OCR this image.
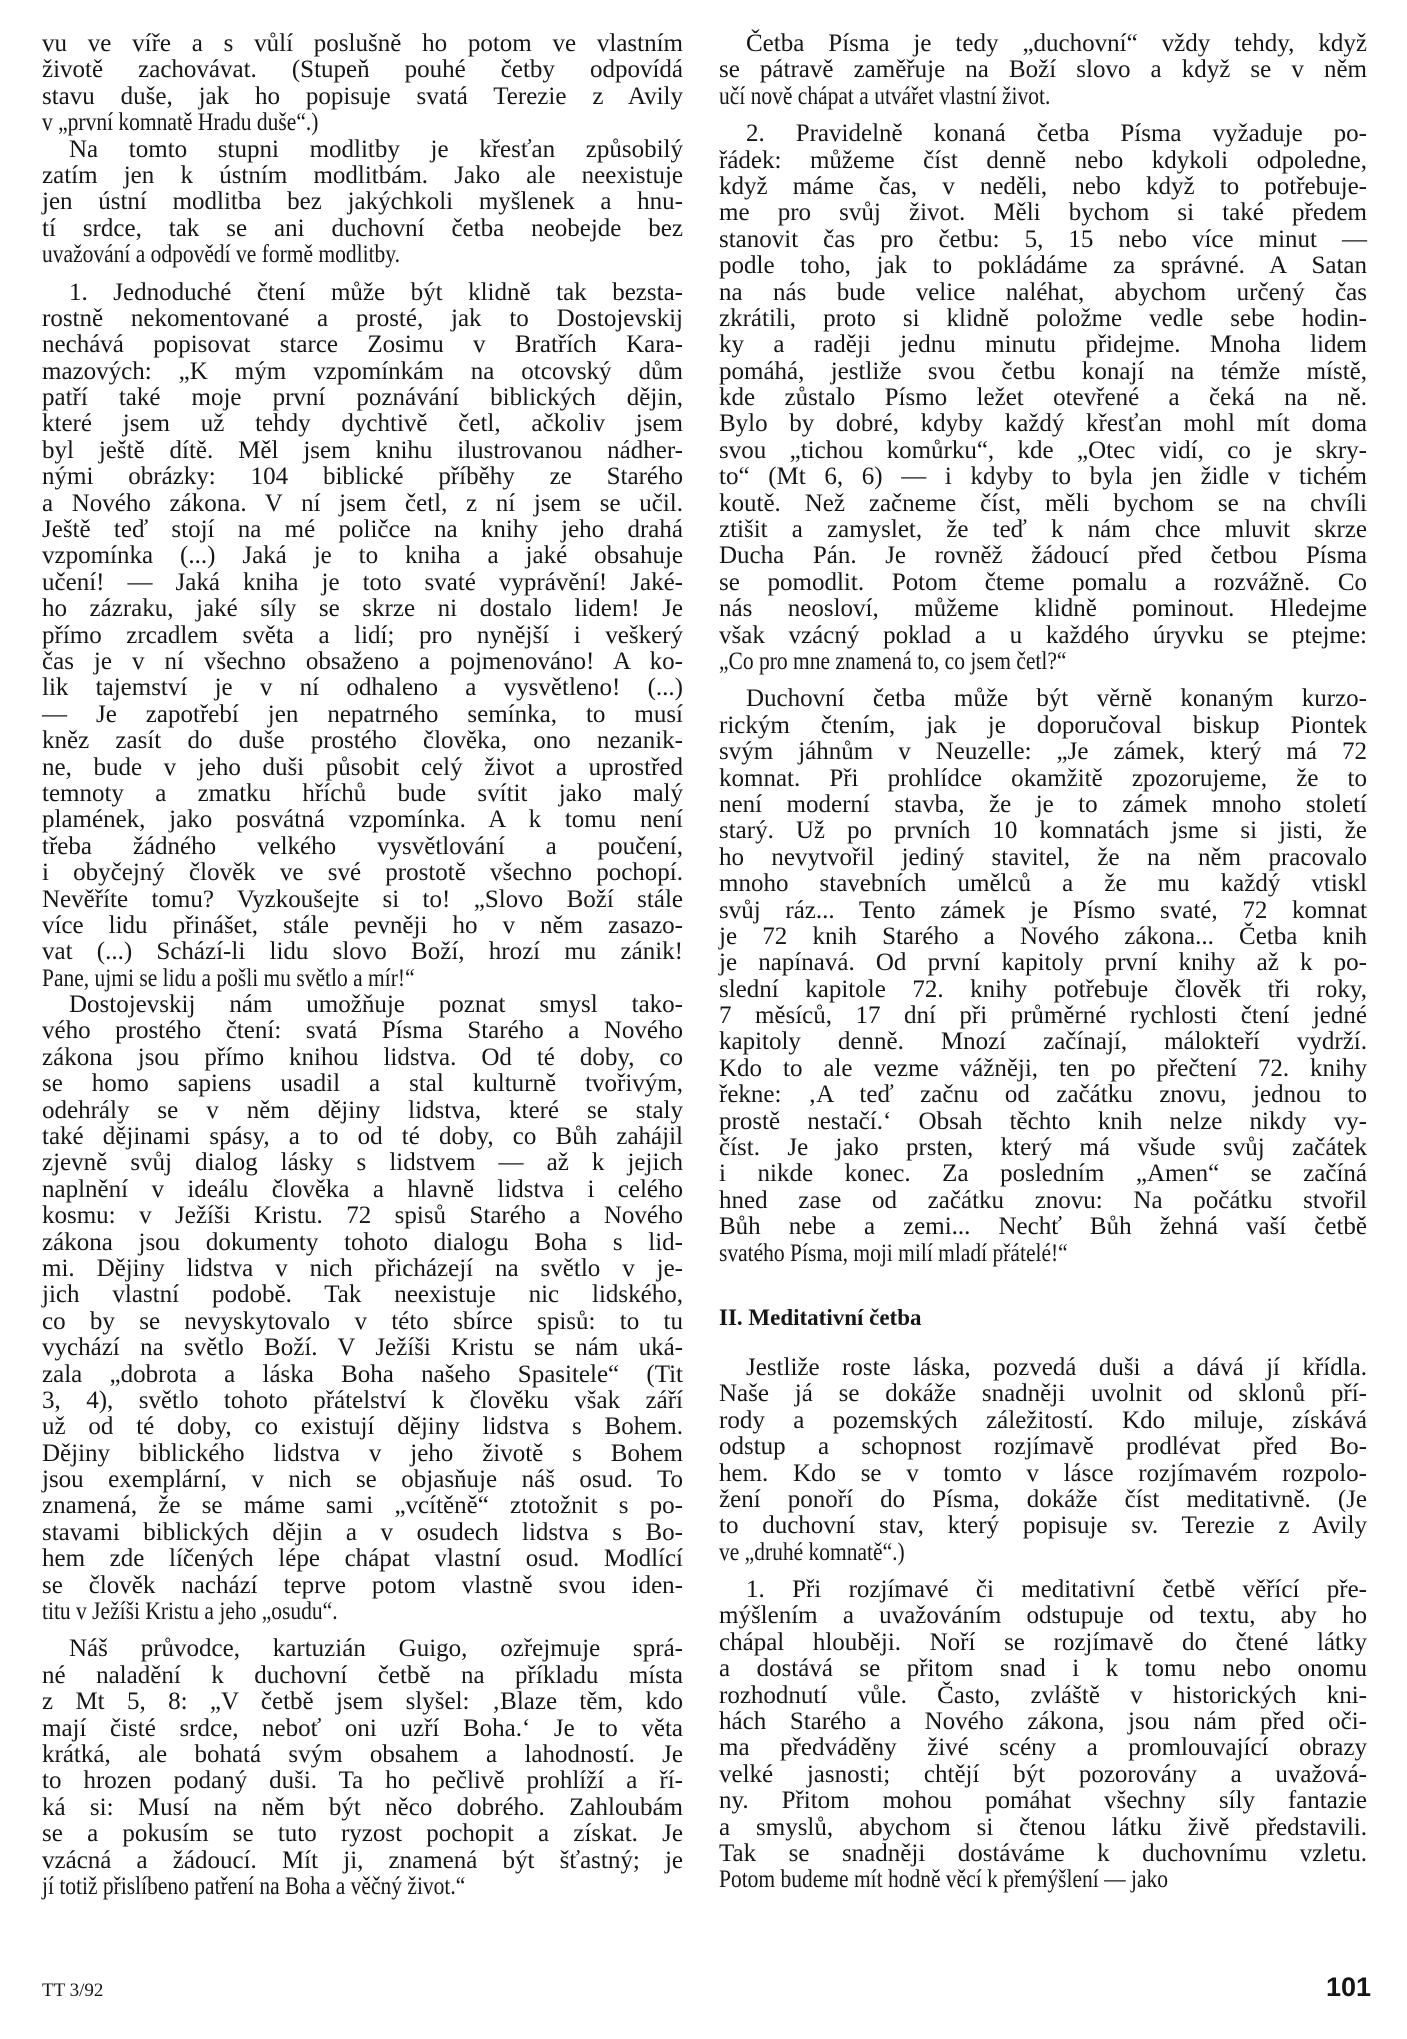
vu ve víře a s vůlí poslušně ho potom ve vlastním
životě zachovávat. (Stupeň pouhé četby odpovídá
stavu duše, jak ho popisuje svatá Terezie z Avily
v „první komnatě Hradu duše“.)
Na tomto stupni modlitby je křesťan způsobilý
zatím jen k ústním modlitbám. Jako ale neexistuje
jen ústní modlitba bez jakýchkoli myšlenek a hnu-
tí srdce, tak se ani duchovní četba neobejde bez
uvažování a odpovědí ve formě modlitby.
1. Jednoduché čtení může být klidně tak bezsta-
rostně nekomentované a prosté, jak to Dostojevskij
nechává popisovat starce Zosimu v Bratřích Kara-
mazových: „K mým vzpomínkám na otcovský dům
patří také moje první poznávání biblických dějin,
které jsem už tehdy dychtivě četl, ačkoliv jsem
byl ještě dítě. Měl jsem knihu ilustrovanou nádher-
nými obrázky: 104 biblické příběhy ze Starého
a Nového zákona. V ní jsem četl, z ní jsem se učil.
Ještě teď stojí na mé poličce na knihy jeho drahá
vzpomínka (...) Jaká je to kniha a jaké obsahuje
učení! — Jaká kniha je toto svaté vyprávění! Jaké-
ho zázraku, jaké síly se skrze ni dostalo lidem! Je
přímo zrcadlem světa a lidí; pro nynější i veškerý
čas je v ní všechno obsaženo a pojmenováno! A ko-
lik tajemství je v ní odhaleno a vysvětleno! (...)
— Je zapotřebí jen nepatrného semínka, to musí
kněz zasít do duše prostého člověka, ono nezanik-
ne, bude v jeho duši působit celý život a uprostřed
temnoty a zmatku hříchů bude svítit jako malý
plamének, jako posvátná vzpomínka. A k tomu není
třeba žádného velkého vysvětlování a poučení,
i obyčejný člověk ve své prostotě všechno pochopí.
Nevěříte tomu? Vyzkoušejte si to! „Slovo Boží stále
více lidu přinášet, stále pevněji ho v něm zasazo-
vat (...) Schází-li lidu slovo Boží, hrozí mu zánik!
Pane, ujmi se lidu a pošli mu světlo a mír!“
Dostojevskij nám umožňuje poznat smysl tako-
vého prostého čtení: svatá Písma Starého a Nového
zákona jsou přímo knihou lidstva. Od té doby, co
se homo sapiens usadil a stal kulturně tvořivým,
odehrály se v něm dějiny lidstva, které se staly
také dějinami spásy, a to od té doby, co Bůh zahájil
zjevně svůj dialog lásky s lidstvem — až k jejich
naplnění v ideálu člověka a hlavně lidstva i celého
kosmu: v Ježíši Kristu. 72 spisů Starého a Nového
zákona jsou dokumenty tohoto dialogu Boha s lid-
mi. Dějiny lidstva v nich přicházejí na světlo v je-
jich vlastní podobě. Tak neexistuje nic lidského,
co by se nevyskytovalo v této sbírce spisů: to tu
vychází na světlo Boží. V Ježíši Kristu se nám uká-
zala „dobrota a láska Boha našeho Spasitele“ (Tit
3, 4), světlo tohoto přátelství k člověku však září
už od té doby, co existují dějiny lidstva s Bohem.
Dějiny biblického lidstva v jeho životě s Bohem
jsou exemplární, v nich se objasňuje náš osud. To
znamená, že se máme sami „vcítěně“ ztotožnit s po-
stavami biblických dějin a v osudech lidstva s Bo-
hem zde líčených lépe chápat vlastní osud. Modlící
se člověk nachází teprve potom vlastně svou iden-
titu v Ježíši Kristu a jeho „osudu“.
Náš průvodce, kartuzián Guigo, ozřejmuje sprá-
né naladění k duchovní četbě na příkladu místa
z Mt 5, 8: „V četbě jsem slyšel: ‚Blaze těm, kdo
mají čisté srdce, neboť oni uzří Boha.‘ Je to věta
krátká, ale bohatá svým obsahem a lahodností. Je
to hrozen podaný duši. Ta ho pečlivě prohlíží a ří-
ká si: Musí na něm být něco dobrého. Zahloubám
se a pokusím se tuto ryzost pochopit a získat. Je
vzácná a žádoucí. Mít ji, znamená být šťastný; je
jí totiž přislíbeno patření na Boha a věčný život.“
Četba Písma je tedy „duchovní“ vždy tehdy, když
se pátravě zaměřuje na Boží slovo a když se v něm
učí nově chápat a utvářet vlastní život.
2. Pravidelně konaná četba Písma vyžaduje po-
řádek: můžeme číst denně nebo kdykoli odpoledne,
když máme čas, v neděli, nebo když to potřebuje-
me pro svůj život. Měli bychom si také předem
stanovit čas pro četbu: 5, 15 nebo více minut —
podle toho, jak to pokládáme za správné. A Satan
na nás bude velice naléhat, abychom určený čas
zkrátili, proto si klidně položme vedle sebe hodin-
ky a raději jednu minutu přidejme. Mnoha lidem
pomáhá, jestliže svou četbu konají na témže místě,
kde zůstalo Písmo ležet otevřené a čeká na ně.
Bylo by dobré, kdyby každý křesťan mohl mít doma
svou „tichou komůrku“, kde „Otec vidí, co je skry-
to“ (Mt 6, 6) — i kdyby to byla jen židle v tichém
koutě. Než začneme číst, měli bychom se na chvíli
ztišit a zamyslet, že teď k nám chce mluvit skrze
Ducha Pán. Je rovněž žádoucí před četbou Písma
se pomodlit. Potom čteme pomalu a rozvážně. Co
nás neosloví, můžeme klidně pominout. Hledejme
však vzácný poklad a u každého úryvku se ptejme:
„Co pro mne znamená to, co jsem četl?“
Duchovní četba může být věrně konaným kurzo-
rickým čtením, jak je doporučoval biskup Piontek
svým jáhnům v Neuzelle: „Je zámek, který má 72
komnat. Při prohlídce okamžitě zpozorujeme, že to
není moderní stavba, že je to zámek mnoho století
starý. Už po prvních 10 komnatách jsme si jisti, že
ho nevytvořil jediný stavitel, že na něm pracovalo
mnoho stavebních umělců a že mu každý vtiskl
svůj ráz... Tento zámek je Písmo svaté, 72 komnat
je 72 knih Starého a Nového zákona... Četba knih
je napínavá. Od první kapitoly první knihy až k po-
slední kapitole 72. knihy potřebuje člověk tři roky,
7 měsíců, 17 dní při průměrné rychlosti čtení jedné
kapitoly denně. Mnozí začínají, málokteří vydrží.
Kdo to ale vezme vážněji, ten po přečtení 72. knihy
řekne: ‚A teď začnu od začátku znovu, jednou to
prostě nestačí.‘ Obsah těchto knih nelze nikdy vy-
číst. Je jako prsten, který má všude svůj začátek
i nikde konec. Za posledním „Amen“ se začíná
hned zase od začátku znovu: Na počátku stvořil
Bůh nebe a zemi... Nechť Bůh žehná vaší četbě
svatého Písma, moji milí mladí přátelé!“
II. Meditativní četba
Jestliže roste láska, pozvedá duši a dává jí křídla.
Naše já se dokáže snadněji uvolnit od sklonů pří-
rody a pozemských záležitostí. Kdo miluje, získává
odstup a schopnost rozjímavě prodlévat před Bo-
hem. Kdo se v tomto v lásce rozjímavém rozpolo-
žení ponoří do Písma, dokáže číst meditativně. (Je
to duchovní stav, který popisuje sv. Terezie z Avily
ve „druhé komnatě“.)
1. Při rozjímavé či meditativní četbě věřící pře-
mýšlením a uvažováním odstupuje od textu, aby ho
chápal hlouběji. Noří se rozjímavě do čtené látky
a dostává se přitom snad i k tomu nebo onomu
rozhodnutí vůle. Často, zvláště v historických kni-
hách Starého a Nového zákona, jsou nám před oči-
ma předváděny živé scény a promlouvající obrazy
velké jasnosti; chtějí být pozorovány a uvažová-
ny. Přitom mohou pomáhat všechny síly fantazie
a smyslů, abychom si čtenou látku živě představili.
Tak se snadněji dostáváme k duchovnímu vzletu.
Potom budeme mít hodně věcí k přemýšlení — jako
TT 3/92	101
